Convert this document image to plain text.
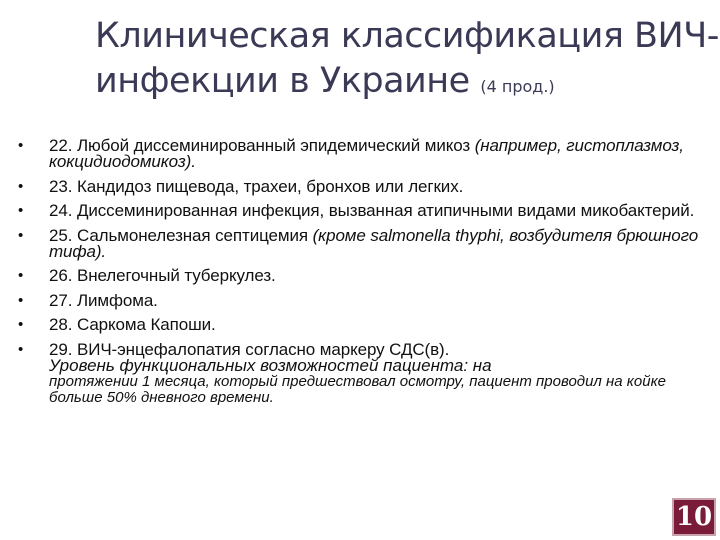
Клиническая классификация ВИЧ-
инфекции в Украине (4 прод.)
• 22. Любой диссеминированный эпидемический микоз (например, гистоплазмоз, кокцидиодомикоз).
• 23. Кандидоз пищевода, трахеи, бронхов или легких.
• 24. Диссеминированная инфекция, вызванная атипичными видами микобактерий.
• 25. Сальмонелезная септицемия (кроме salmonella thyphi, возбудителя брюшного тифа).
• 26. Внелегочный туберкулез.
• 27. Лимфома.
• 28. Саркома Капоши.
• 29. ВИЧ-энцефалопатия согласно маркеру СДС(в).
Уровень функциональных возможностей пациента: на
протяжении 1 месяца, который предшествовал осмотру, пациент проводил на койке больше 50% дневного времени.
10
